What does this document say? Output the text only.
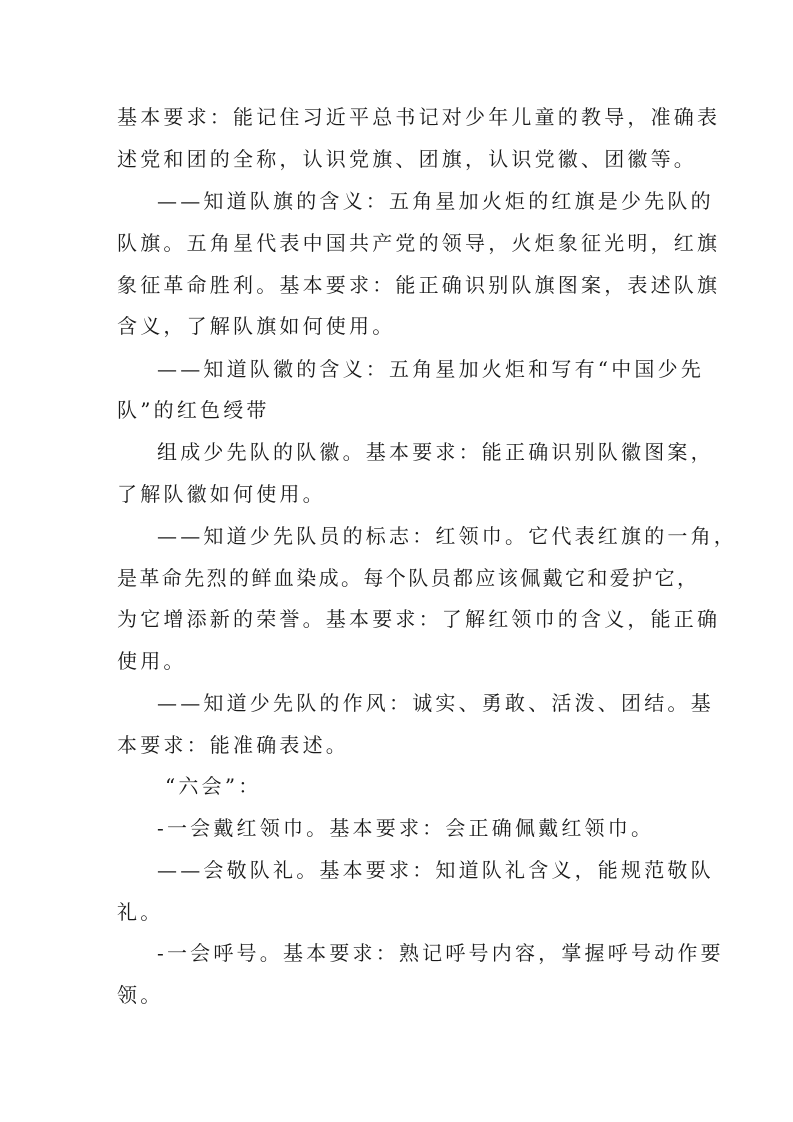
基本要求：能记住习近平总书记对少年儿童的教导，准确表

述党和团的全称，认识党旗、团旗，认识党徽、团徽等。

——知道队旗的含义：五角星加火炬的红旗是少先队的

队旗。五角星代表中国共产党的领导，火炬象征光明，红旗

象征革命胜利。基本要求：能正确识别队旗图案，表述队旗

含义，了解队旗如何使用。

——知道队徽的含义：五角星加火炬和写有“中国少先

队”的红色绶带

组成少先队的队徽。基本要求：能正确识别队徽图案，

了解队徽如何使用。

——知道少先队员的标志：红领巾。它代表红旗的一角，

是革命先烈的鲜血染成。每个队员都应该佩戴它和爱护它，

为它增添新的荣誉。基本要求：了解红领巾的含义，能正确

使用。

——知道少先队的作风：诚实、勇敢、活泼、团结。基

本要求：能准确表述。

“六会”：

-一会戴红领巾。基本要求：会正确佩戴红领巾。

——会敬队礼。基本要求：知道队礼含义，能规范敬队

礼。

-一会呼号。基本要求：熟记呼号内容，掌握呼号动作要

领。
